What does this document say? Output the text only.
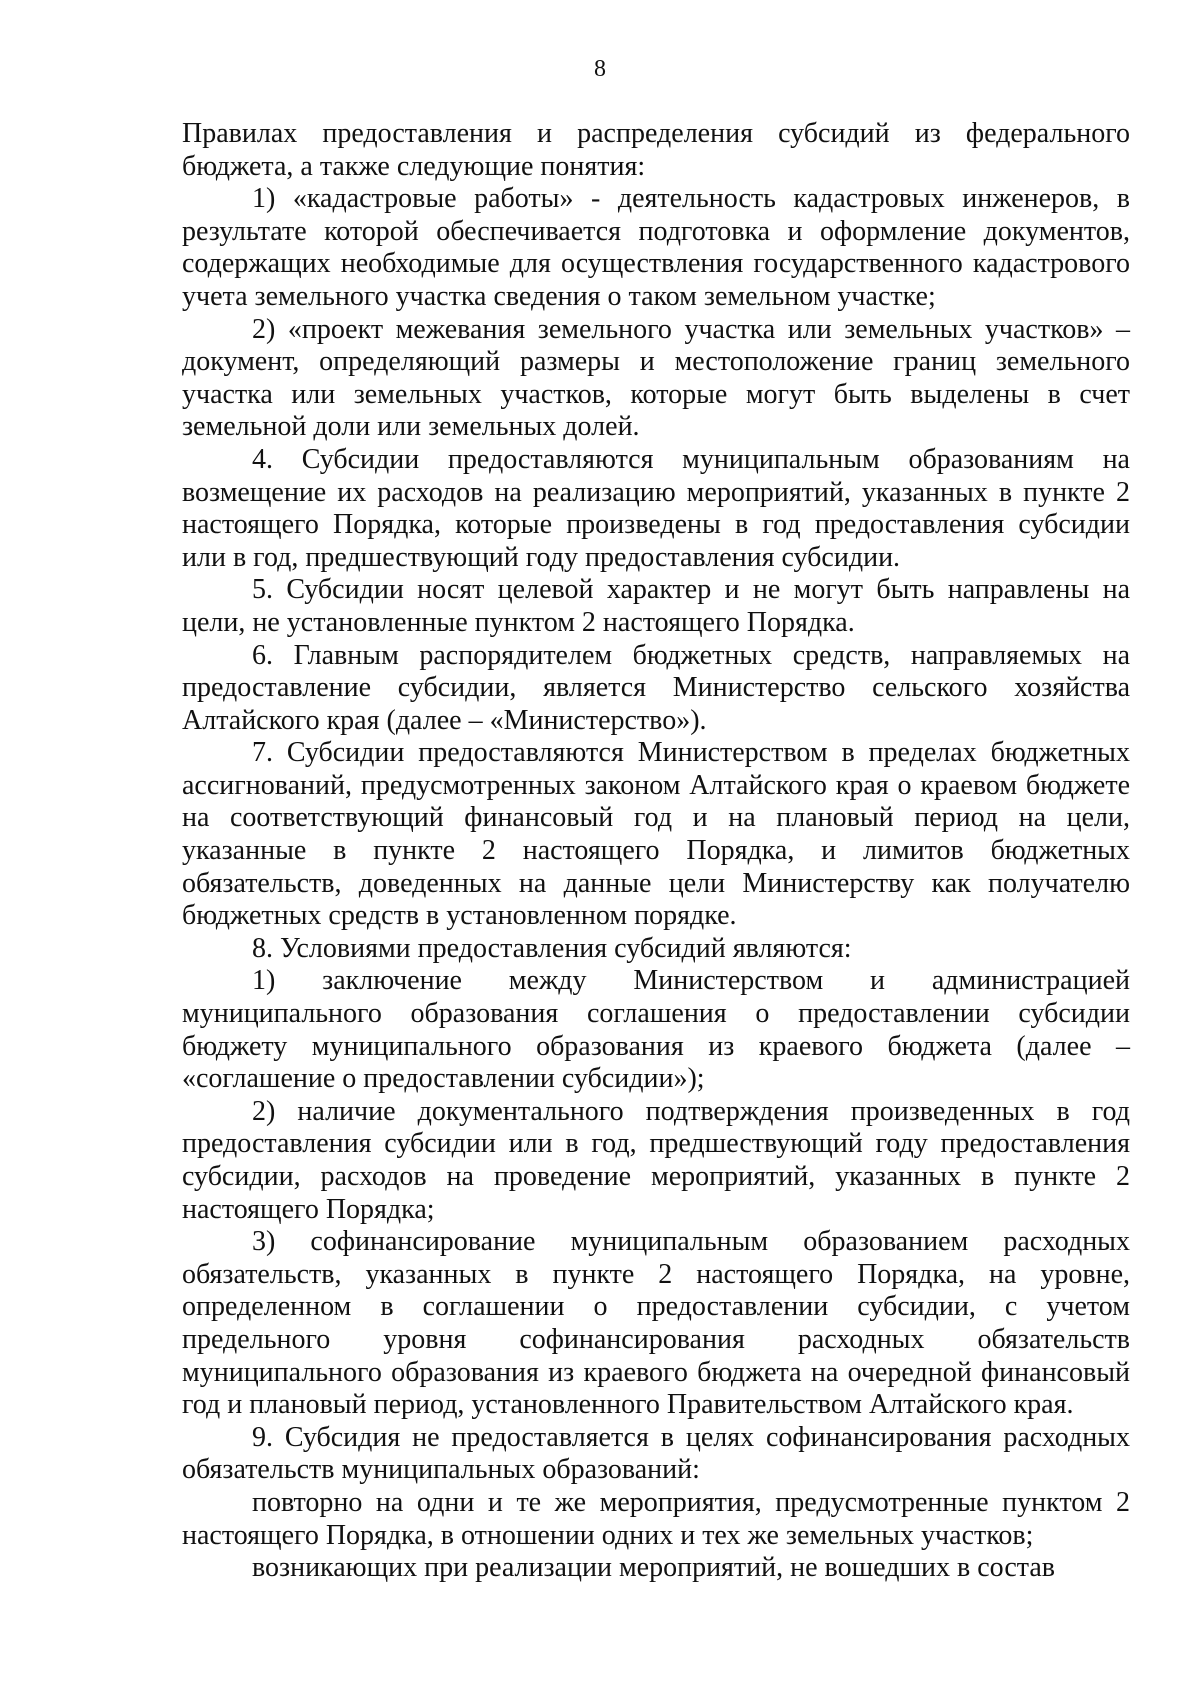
8

Правилах предоставления и распределения субсидий из федерального бюджета, а также следующие понятия:

1) «кадастровые работы» - деятельность кадастровых инженеров, в результате которой обеспечивается подготовка и оформление документов, содержащих необходимые для осуществления государственного кадастрового учета земельного участка сведения о таком земельном участке;

2) «проект межевания земельного участка или земельных участков» – документ, определяющий размеры и местоположение границ земельного участка или земельных участков, которые могут быть выделены в счет земельной доли или земельных долей.

4. Субсидии предоставляются муниципальным образованиям на возмещение их расходов на реализацию мероприятий, указанных в пункте 2 настоящего Порядка, которые произведены в год предоставления субсидии или в год, предшествующий году предоставления субсидии.

5. Субсидии носят целевой характер и не могут быть направлены на цели, не установленные пунктом 2 настоящего Порядка.

6. Главным распорядителем бюджетных средств, направляемых на предоставление субсидии, является Министерство сельского хозяйства Алтайского края (далее – «Министерство»).

7. Субсидии предоставляются Министерством в пределах бюджетных ассигнований, предусмотренных законом Алтайского края о краевом бюджете на соответствующий финансовый год и на плановый период на цели, указанные в пункте 2 настоящего Порядка, и лимитов бюджетных обязательств, доведенных на данные цели Министерству как получателю бюджетных средств в установленном порядке.

8. Условиями предоставления субсидий являются:

1) заключение между Министерством и администрацией муниципального образования соглашения о предоставлении субсидии бюджету муниципального образования из краевого бюджета (далее – «соглашение о предоставлении субсидии»);

2) наличие документального подтверждения произведенных в год предоставления субсидии или в год, предшествующий году предоставления субсидии, расходов на проведение мероприятий, указанных в пункте 2 настоящего Порядка;

3) софинансирование муниципальным образованием расходных обязательств, указанных в пункте 2 настоящего Порядка, на уровне, определенном в соглашении о предоставлении субсидии, с учетом предельного уровня софинансирования расходных обязательств муниципального образования из краевого бюджета на очередной финансовый год и плановый период, установленного Правительством Алтайского края.

9. Субсидия не предоставляется в целях софинансирования расходных обязательств муниципальных образований:

повторно на одни и те же мероприятия, предусмотренные пунктом 2 настоящего Порядка, в отношении одних и тех же земельных участков;

возникающих при реализации мероприятий, не вошедших в состав
